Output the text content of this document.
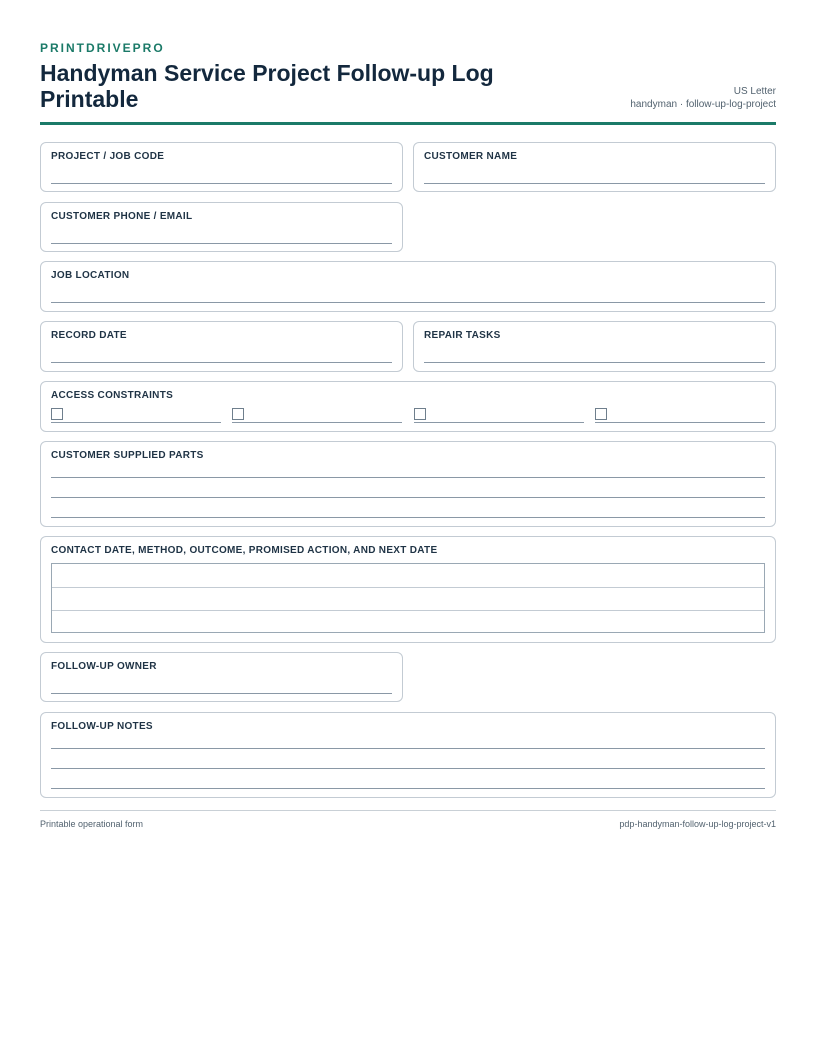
PRINTDRIVEPRO
Handyman Service Project Follow-up Log Printable	US Letter
handyman · follow-up-log-project
PROJECT / JOB CODE	CUSTOMER NAME
CUSTOMER PHONE / EMAIL
JOB LOCATION
RECORD DATE	REPAIR TASKS
ACCESS CONSTRAINTS
CUSTOMER SUPPLIED PARTS
CONTACT DATE, METHOD, OUTCOME, PROMISED ACTION, AND NEXT DATE
FOLLOW-UP OWNER
FOLLOW-UP NOTES
Printable operational form	pdp-handyman-follow-up-log-project-v1
